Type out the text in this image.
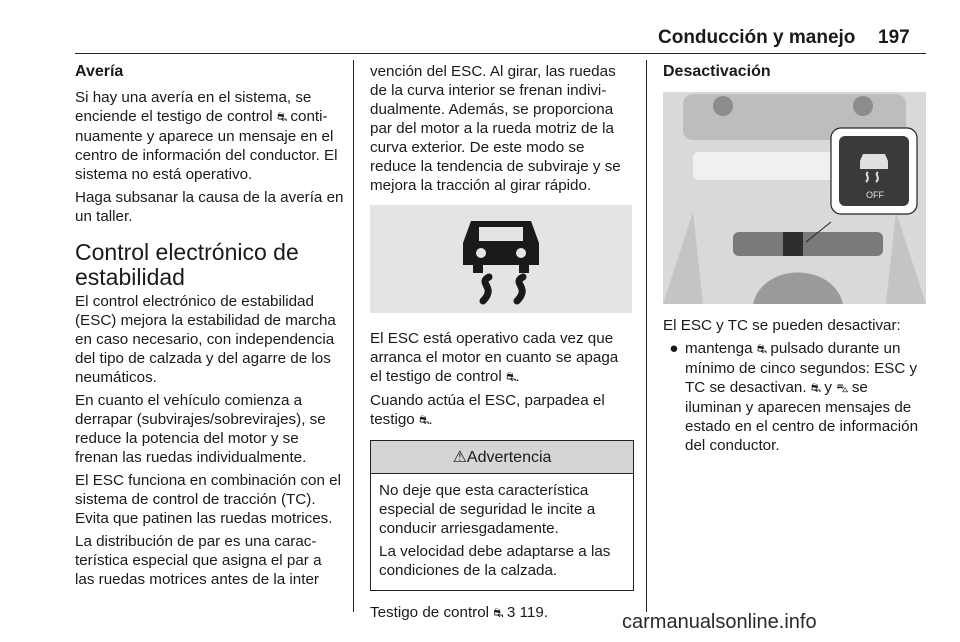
Conducción y manejo 197
Avería

Si hay una avería en el sistema, se enciende el testigo de control ⛐ continuamente y aparece un mensaje en el centro de información del conductor. El sistema no está operativo.

Haga subsanar la causa de la avería en un taller.

Control electrónico de estabilidad

El control electrónico de estabilidad (ESC) mejora la estabilidad de marcha en caso necesario, con independencia del tipo de calzada y del agarre de los neumáticos.

En cuanto el vehículo comienza a derrapar (subvirajes/sobrevirajes), se reduce la potencia del motor y se frenan las ruedas individualmente.

El ESC funciona en combinación con el sistema de control de tracción (TC). Evita que patinen las ruedas motrices.

La distribución de par es una característica especial que asigna el par a las ruedas motrices antes de la inter

vención del ESC. Al girar, las ruedas de la curva interior se frenan individualmente. Además, se proporciona par del motor a la rueda motriz de la curva exterior. De este modo se reduce la tendencia de subviraje y se mejora la tracción al girar rápido.

El ESC está operativo cada vez que arranca el motor en cuanto se apaga el testigo de control ⛐.

Cuando actúa el ESC, parpadea el testigo ⛐.

⚠Advertencia

No deje que esta característica especial de seguridad le incite a conducir arriesgadamente.

La velocidad debe adaptarse a las condiciones de la calzada.

Testigo de control ⛐ 3 119.

Desactivación
OFF

El ESC y TC se pueden desactivar:

● mantenga ⛐ pulsado durante un mínimo de cinco segundos: ESC y TC se desactivan. ⛐ y ⛍ se iluminan y aparecen mensajes de estado en el centro de información del conductor.
carmanualsonline.info
